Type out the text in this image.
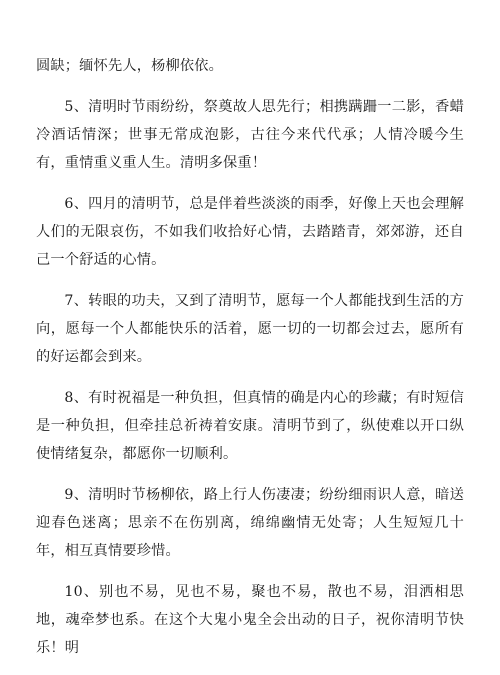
圆缺；缅怀先人，杨柳依依。

5、清明时节雨纷纷，祭奠故人思先行；相携蹒跚一二影，香蜡冷酒话情深；世事无常成泡影，古往今来代代承；人情冷暖今生有，重情重义重人生。清明多保重！

6、四月的清明节，总是伴着些淡淡的雨季，好像上天也会理解人们的无限哀伤，不如我们收拾好心情，去踏踏青，郊郊游，还自己一个舒适的心情。

7、转眼的功夫，又到了清明节，愿每一个人都能找到生活的方向，愿每一个人都能快乐的活着，愿一切的一切都会过去，愿所有的好运都会到来。

8、有时祝福是一种负担，但真情的确是内心的珍藏；有时短信是一种负担，但牵挂总祈祷着安康。清明节到了，纵使难以开口纵使情绪复杂，都愿你一切顺利。

9、清明时节杨柳依，路上行人伤凄凄；纷纷细雨识人意，暗送迎春色迷离；思亲不在伤别离，绵绵幽情无处寄；人生短短几十年，相互真情要珍惜。

10、别也不易，见也不易，聚也不易，散也不易，泪洒相思地，魂牵梦也系。在这个大鬼小鬼全会出动的日子，祝你清明节快乐！明
